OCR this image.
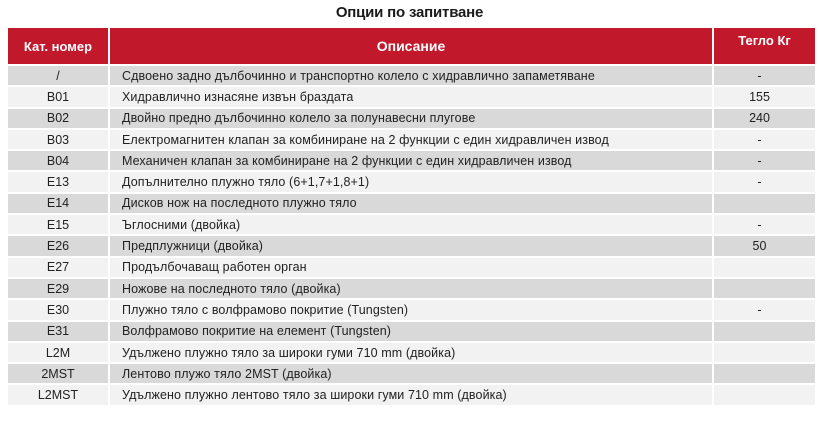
Опции по запитване
Кат. номер	Описание	Тегло Кг
/	Сдвоено задно дълбочинно и транспортно колело с хидравлично запаметяване	-
B01	Хидравлично изнасяне извън браздата	155
B02	Двойно предно дълбочинно колело за полунавесни плугове	240
B03	Електромагнитен клапан за комбиниране на 2 функции с един хидравличен извод	-
B04	Механичен клапан за комбиниране на 2 функции с един хидравличен извод	-
E13	Допълнително плужно тяло (6+1,7+1,8+1)	-
E14	Дисков нож на последното плужно тяло	
E15	Ъглосними (двойка)	-
E26	Предплужници (двойка)	50
E27	Продълбочаващ работен орган	
E29	Ножове на последното тяло (двойка)	
E30	Плужно тяло с волфрамово покритие (Tungsten)	-
E31	Волфрамово покритие на елемент (Tungsten)	
L2M	Удължено плужно тяло за широки гуми 710 mm (двойка)	
2MST	Лентово плужо тяло 2MST (двойка)	
L2MST	Удължено плужно лентово тяло за широки гуми 710 mm (двойка)	
